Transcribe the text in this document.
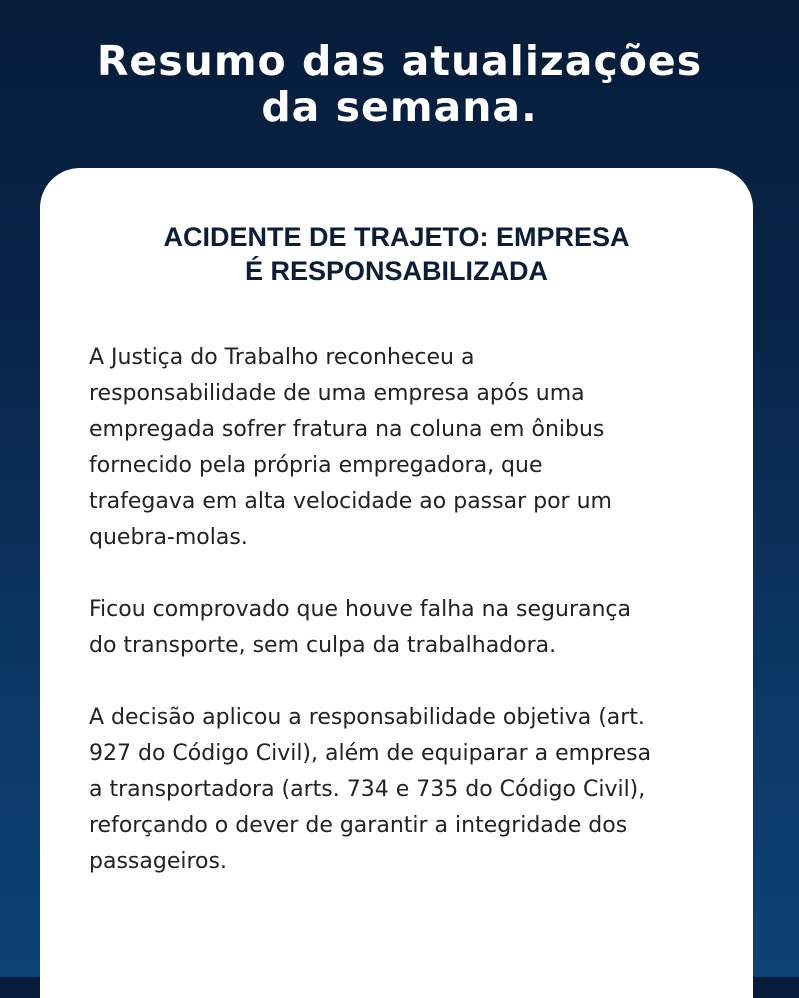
Resumo das atualizações
da semana.
ACIDENTE DE TRAJETO: EMPRESA
É RESPONSABILIZADA

A Justiça do Trabalho reconheceu a
responsabilidade de uma empresa após uma
empregada sofrer fratura na coluna em ônibus
fornecido pela própria empregadora, que
trafegava em alta velocidade ao passar por um
quebra-molas.

Ficou comprovado que houve falha na segurança
do transporte, sem culpa da trabalhadora.

A decisão aplicou a responsabilidade objetiva (art.
927 do Código Civil), além de equiparar a empresa
a transportadora (arts. 734 e 735 do Código Civil),
reforçando o dever de garantir a integridade dos
passageiros.
